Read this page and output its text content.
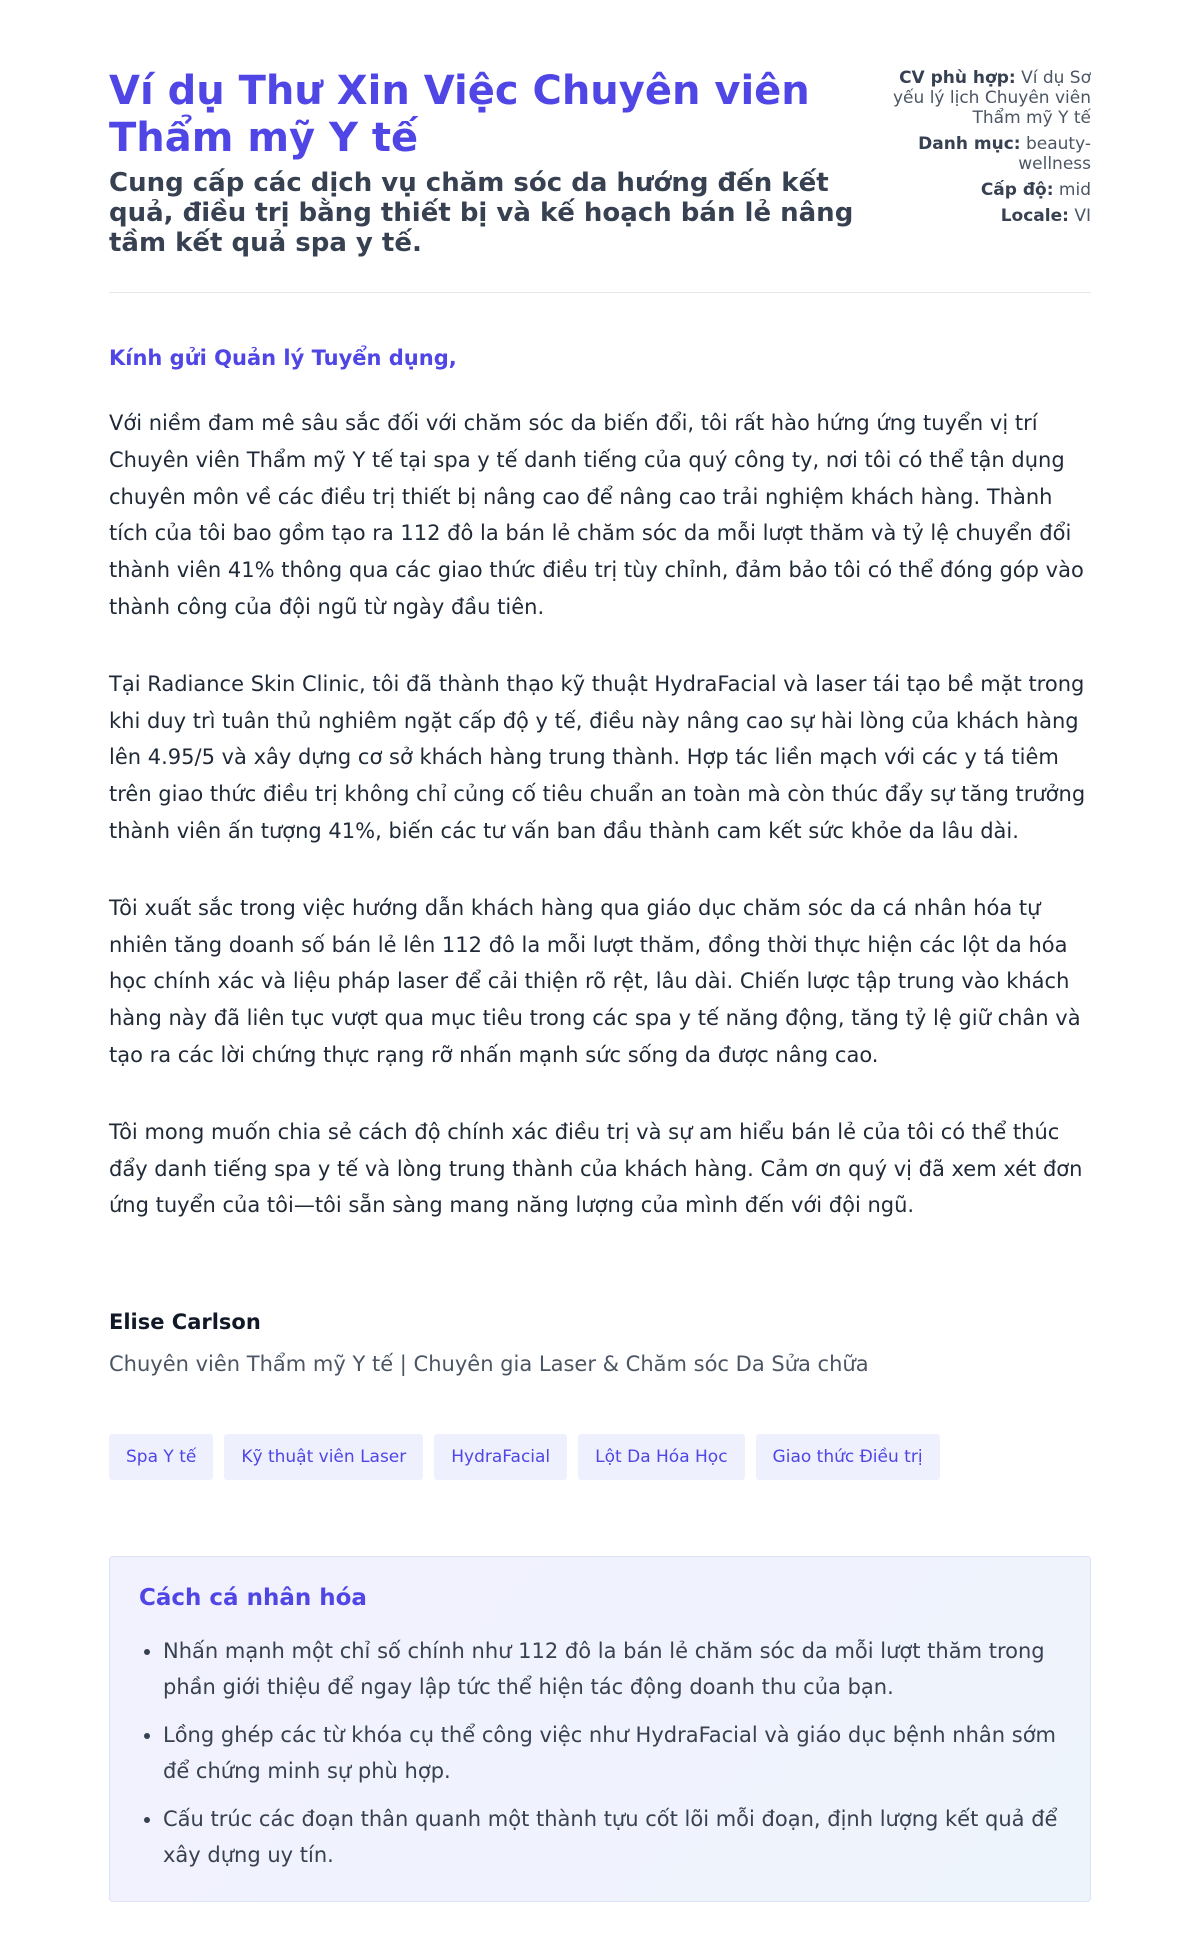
Ví dụ Thư Xin Việc Chuyên viên Thẩm mỹ Y tế

Cung cấp các dịch vụ chăm sóc da hướng đến kết quả, điều trị bằng thiết bị và kế hoạch bán lẻ nâng tầm kết quả spa y tế.

CV phù hợp: Ví dụ Sơ yếu lý lịch Chuyên viên Thẩm mỹ Y tế
Danh mục: beauty-wellness
Cấp độ: mid
Locale: VI

Kính gửi Quản lý Tuyển dụng,

Với niềm đam mê sâu sắc đối với chăm sóc da biến đổi, tôi rất hào hứng ứng tuyển vị trí Chuyên viên Thẩm mỹ Y tế tại spa y tế danh tiếng của quý công ty, nơi tôi có thể tận dụng chuyên môn về các điều trị thiết bị nâng cao để nâng cao trải nghiệm khách hàng. Thành tích của tôi bao gồm tạo ra 112 đô la bán lẻ chăm sóc da mỗi lượt thăm và tỷ lệ chuyển đổi thành viên 41% thông qua các giao thức điều trị tùy chỉnh, đảm bảo tôi có thể đóng góp vào thành công của đội ngũ từ ngày đầu tiên.

Tại Radiance Skin Clinic, tôi đã thành thạo kỹ thuật HydraFacial và laser tái tạo bề mặt trong khi duy trì tuân thủ nghiêm ngặt cấp độ y tế, điều này nâng cao sự hài lòng của khách hàng lên 4.95/5 và xây dựng cơ sở khách hàng trung thành. Hợp tác liền mạch với các y tá tiêm trên giao thức điều trị không chỉ củng cố tiêu chuẩn an toàn mà còn thúc đẩy sự tăng trưởng thành viên ấn tượng 41%, biến các tư vấn ban đầu thành cam kết sức khỏe da lâu dài.

Tôi xuất sắc trong việc hướng dẫn khách hàng qua giáo dục chăm sóc da cá nhân hóa tự nhiên tăng doanh số bán lẻ lên 112 đô la mỗi lượt thăm, đồng thời thực hiện các lột da hóa học chính xác và liệu pháp laser để cải thiện rõ rệt, lâu dài. Chiến lược tập trung vào khách hàng này đã liên tục vượt qua mục tiêu trong các spa y tế năng động, tăng tỷ lệ giữ chân và tạo ra các lời chứng thực rạng rỡ nhấn mạnh sức sống da được nâng cao.

Tôi mong muốn chia sẻ cách độ chính xác điều trị và sự am hiểu bán lẻ của tôi có thể thúc đẩy danh tiếng spa y tế và lòng trung thành của khách hàng. Cảm ơn quý vị đã xem xét đơn ứng tuyển của tôi—tôi sẵn sàng mang năng lượng của mình đến với đội ngũ.

Elise Carlson

Chuyên viên Thẩm mỹ Y tế | Chuyên gia Laser & Chăm sóc Da Sửa chữa

Spa Y tế	Kỹ thuật viên Laser	HydraFacial	Lột Da Hóa Học	Giao thức Điều trị
Cách cá nhân hóa
• Nhấn mạnh một chỉ số chính như 112 đô la bán lẻ chăm sóc da mỗi lượt thăm trong phần giới thiệu để ngay lập tức thể hiện tác động doanh thu của bạn.
• Lồng ghép các từ khóa cụ thể công việc như HydraFacial và giáo dục bệnh nhân sớm để chứng minh sự phù hợp.
• Cấu trúc các đoạn thân quanh một thành tựu cốt lõi mỗi đoạn, định lượng kết quả để xây dựng uy tín.
